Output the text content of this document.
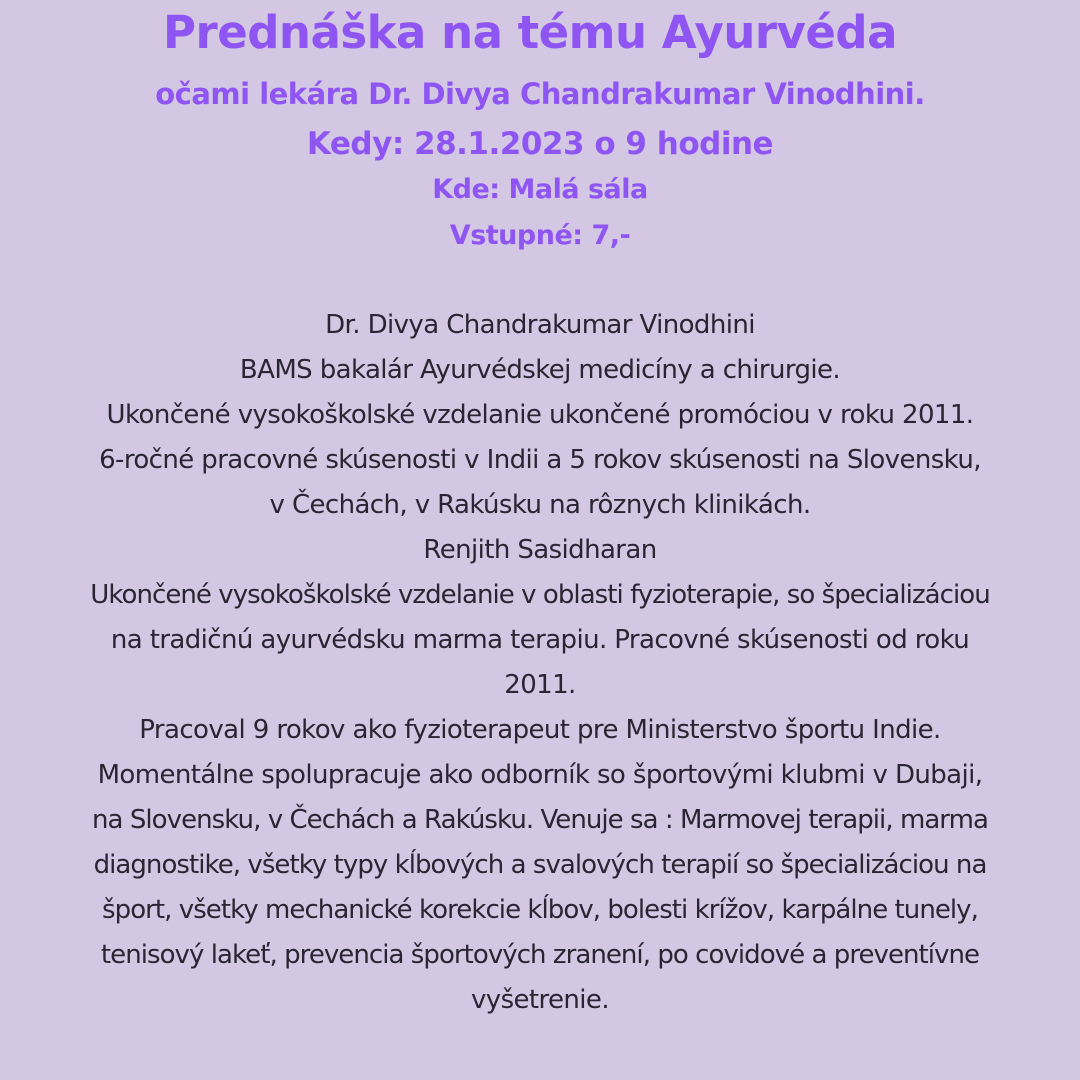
Prednáška na tému Ayurvéda
očami lekára Dr. Divya Chandrakumar Vinodhini.
Kedy: 28.1.2023 o 9 hodine
Kde: Malá sála
Vstupné: 7,-
Dr. Divya Chandrakumar Vinodhini
BAMS bakalár Ayurvédskej medicíny a chirurgie.
Ukončené vysokoškolské vzdelanie ukončené promóciou v roku 2011.
6-ročné pracovné skúsenosti v Indii a 5 rokov skúsenosti na Slovensku,
v Čechách, v Rakúsku na rôznych klinikách.
Renjith Sasidharan
Ukončené vysokoškolské vzdelanie v oblasti fyzioterapie, so špecializáciou
na tradičnú ayurvédsku marma terapiu. Pracovné skúsenosti od roku
2011.
Pracoval 9 rokov ako fyzioterapeut pre Ministerstvo športu Indie.
Momentálne spolupracuje ako odborník so športovými klubmi v Dubaji,
na Slovensku, v Čechách a Rakúsku. Venuje sa : Marmovej terapii, marma
diagnostike, všetky typy kĺbových a svalových terapií so špecializáciou na
šport, všetky mechanické korekcie kĺbov, bolesti krížov, karpálne tunely,
tenisový lakeť, prevencia športových zranení, po covidové a preventívne
vyšetrenie.
